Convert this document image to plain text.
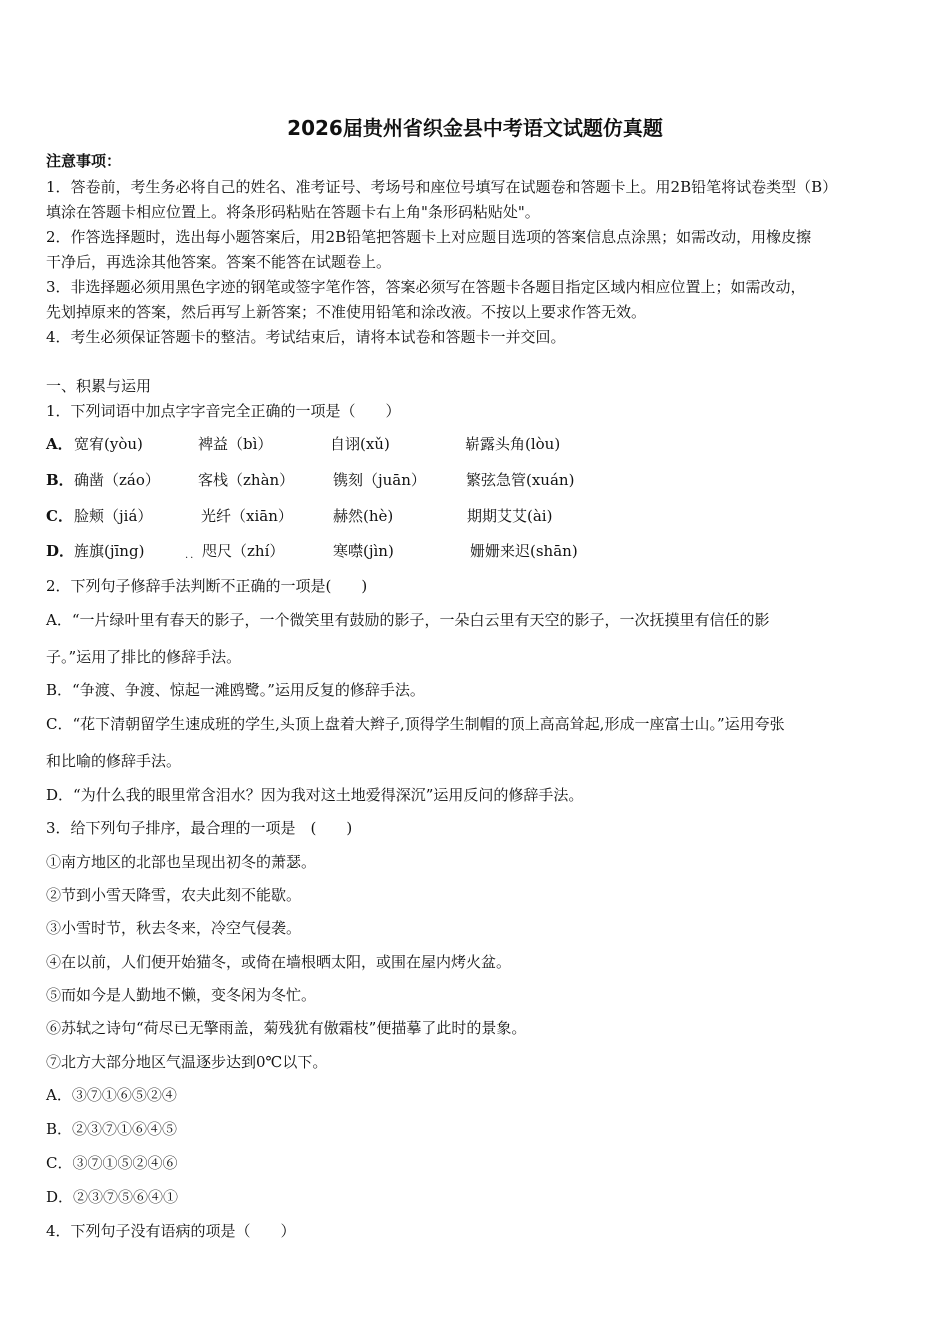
2026届贵州省织金县中考语文试题仿真题
注意事项：
1．答卷前，考生务必将自己的姓名、准考证号、考场号和座位号填写在试题卷和答题卡上。用2B铅笔将试卷类型（B）
填涂在答题卡相应位置上。将条形码粘贴在答题卡右上角"条形码粘贴处"。
2．作答选择题时，选出每小题答案后，用2B铅笔把答题卡上对应题目选项的答案信息点涂黑；如需改动，用橡皮擦
干净后，再选涂其他答案。答案不能答在试题卷上。
3．非选择题必须用黑色字迹的钢笔或签字笔作答，答案必须写在答题卡各题目指定区域内相应位置上；如需改动，
先划掉原来的答案，然后再写上新答案；不准使用铅笔和涂改液。不按以上要求作答无效。
4．考生必须保证答题卡的整洁。考试结束后，请将本试卷和答题卡一并交回。
一、积累与运用
1．下列词语中加点字字音完全正确的一项是（　　）
A． 宽宥(yòu)	裨益（bì）	自诩(xǔ)	崭露头角(lòu)
B． 确凿（záo）	客栈（zhàn）	镌刻（juān）	繁弦急管(xuán)
C． 脸颊（jiá）	光纤（xiān）	赫然(hè)	期期艾艾(ài)
D． 旌旗(jīng)	咫尺（zhí）	寒噤(jìn)	姗姗来迟(shān)
..
2．下列句子修辞手法判断不正确的一项是(　　)
A．“一片绿叶里有春天的影子，一个微笑里有鼓励的影子，一朵白云里有天空的影子，一次抚摸里有信任的影
子。”运用了排比的修辞手法。
B．“争渡、争渡、惊起一滩鸥鹭。”运用反复的修辞手法。
C．“花下清朝留学生速成班的学生,头顶上盘着大辫子,顶得学生制帽的顶上高高耸起,形成一座富士山。”运用夸张
和比喻的修辞手法。
D．“为什么我的眼里常含泪水？因为我对这土地爱得深沉”运用反问的修辞手法。
3．给下列句子排序，最合理的一项是　(　　)
①南方地区的北部也呈现出初冬的萧瑟。
②节到小雪天降雪，农夫此刻不能歇。
③小雪时节，秋去冬来，冷空气侵袭。
④在以前，人们便开始猫冬，或倚在墙根晒太阳，或围在屋内烤火盆。
⑤而如今是人勤地不懒，变冬闲为冬忙。
⑥苏轼之诗句“荷尽已无擎雨盖，菊残犹有傲霜枝”便描摹了此时的景象。
⑦北方大部分地区气温逐步达到0℃以下。
A．③⑦①⑥⑤②④
B．②③⑦①⑥④⑤
C．③⑦①⑤②④⑥
D．②③⑦⑤⑥④①
4．下列句子没有语病的项是（　　）
